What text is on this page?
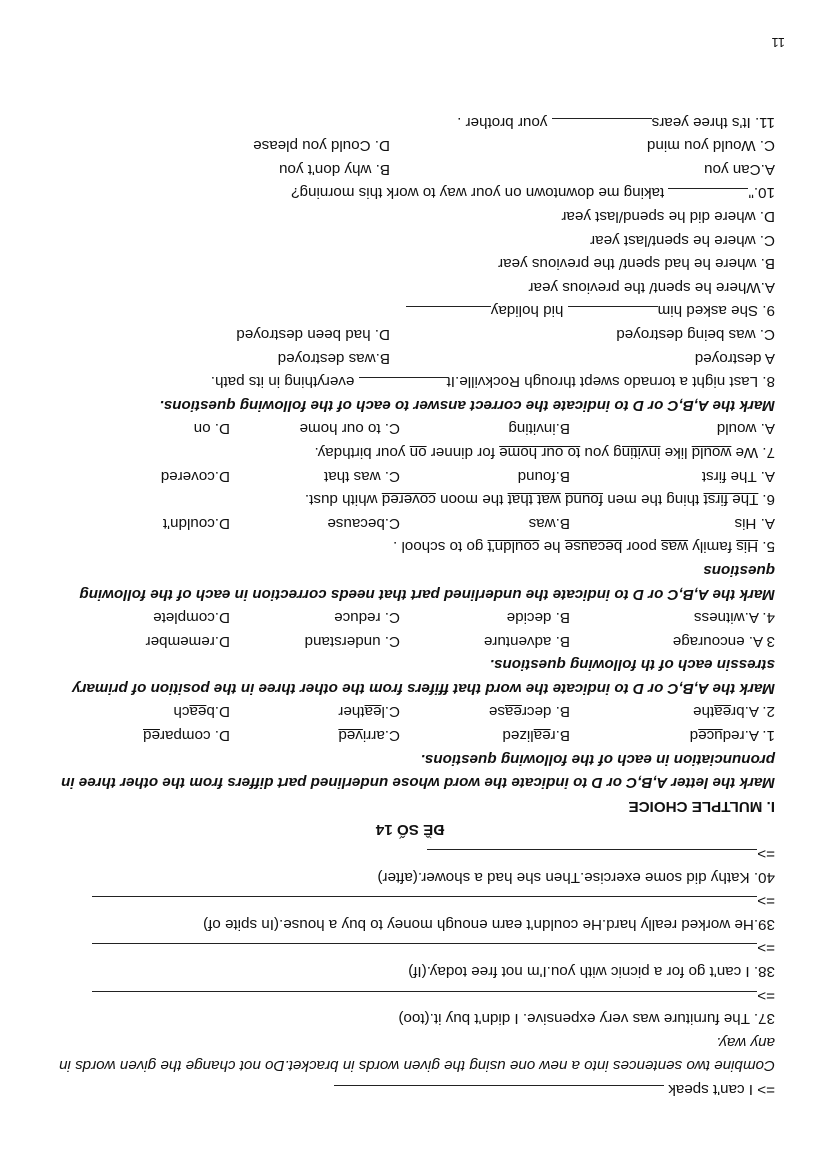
=> I can't speak
Combine two sentences into a new one using the given words in bracket.Do not change the given words in any way.
37. The furniture was very expensive. I didn't buy it.(too)
=>
38. I can't go for a picnic with you.I'm not free today.(If)
=>
39.He worked really hard.He couldn't earn enough money to buy a house.(In spite of)
=>
40. Kathy did some exercise.Then she had a shower.(after)
=>
ĐỀ SỐ 14
I. MULTPLE CHOICE
Mark the letter A,B,C or D to indicate the word whose underlined part differs from the other three in pronunciation in each of the following questions.
1. A.reduced
B.realized
C.arrived
D. compared
2. A.breathe
B. decrease
C.leather
D.beach
Mark the A,B,C or D to indicate the word that ffifers from the other three in the position of primary stressin each of th following questions.
3 A. encourage
B. adventure
C. understand
D.remember
4. A.witness
B. decide
C. reduce
D.complete
Mark the A,B,C or D to indicate the underlined part that needs correction in each of the following questions
5. His family was poor because he couldn't go to school .
A. His
B.was
C.because
D.couldn't
6. The first thing the men found wat that the moon covered whith dust.
A. The first
B.found
C. was that
D.covered
7. We would like inviting you to our home for dinner on your birthday.
A. would
B.inviting
C. to our home
D. on
Mark the A,B,C or D to indicate the correct answer to each of the following questions.
8. Last night a tornado swept through Rockville.It everything in its path.
A destroyed
B.was destroyed
C. was being destroyed
D. had been destroyed
9. She asked him hid holiday
A.Where he spent/ the previous year
B. where he had spent/ the previous year
C. where he spent/last year
D. where did he spend/last year
10." taking me downtown on your way to work this morning?
A.Can you
B. why don't you
C. Would you mind
D. Could you please
11. It's three years your brother .
11
